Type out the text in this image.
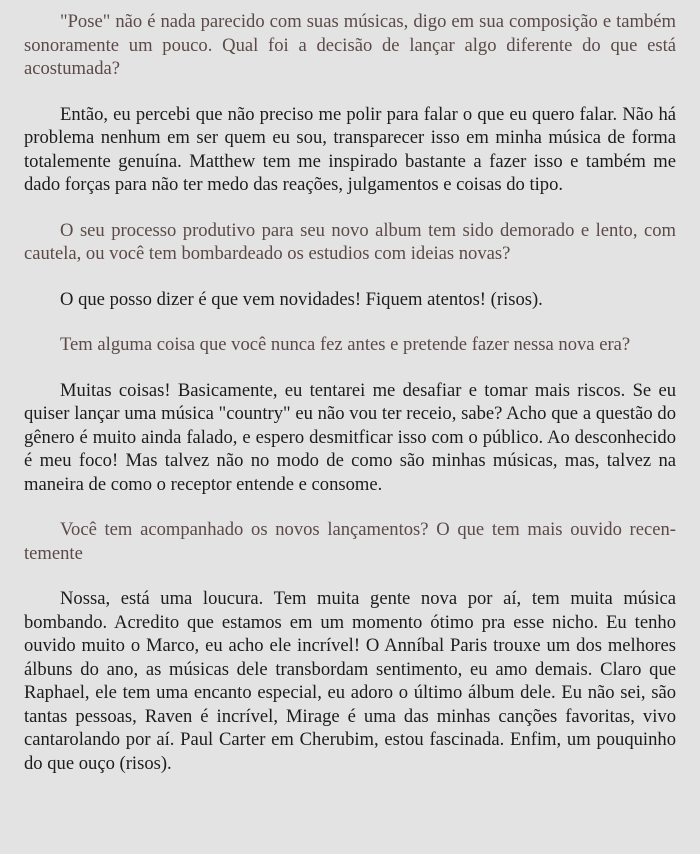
"Pose" não é nada parecido com suas músicas, digo em sua composição e também sonoramente um pouco. Qual foi a decisão de lançar algo diferente do que está acostumada?

Então, eu percebi que não preciso me polir para falar o que eu quero falar. Não há problema nenhum em ser quem eu sou, transparecer isso em minha música de forma totalemente genuína. Matthew tem me inspirado bastante a fazer isso e também me dado forças para não ter medo das reações, julgamentos e coisas do tipo.

O seu processo produtivo para seu novo album tem sido demorado e lento, com cautela, ou você tem bombardeado os estudios com ideias novas?

O que posso dizer é que vem novidades! Fiquem atentos! (risos).

Tem alguma coisa que você nunca fez antes e pretende fazer nessa nova era?

Muitas coisas! Basicamente, eu tentarei me desafiar e tomar mais riscos. Se eu quiser lançar uma música "country" eu não vou ter receio, sabe? Acho que a questão do gênero é muito ainda falado, e espero desmitficar isso com o público. Ao desconhecido é meu foco! Mas talvez não no modo de como são minhas músicas, mas, talvez na maneira de como o receptor entende e consome.

Você tem acompanhado os novos lançamentos? O que tem mais ouvido recentemente

Nossa, está uma loucura. Tem muita gente nova por aí, tem muita música bombando. Acredito que estamos em um momento ótimo pra esse nicho. Eu tenho ouvido muito o Marco, eu acho ele incrível! O Anníbal Paris trouxe um dos melhores álbuns do ano, as músicas dele transbordam sentimento, eu amo demais. Claro que Raphael, ele tem uma encanto especial, eu adoro o último álbum dele. Eu não sei, são tantas pessoas, Raven é incrível, Mirage é uma das minhas canções favoritas, vivo cantarolando por aí. Paul Carter em Cherubim, estou fascinada. Enfim, um pouquinho do que ouço (risos).
